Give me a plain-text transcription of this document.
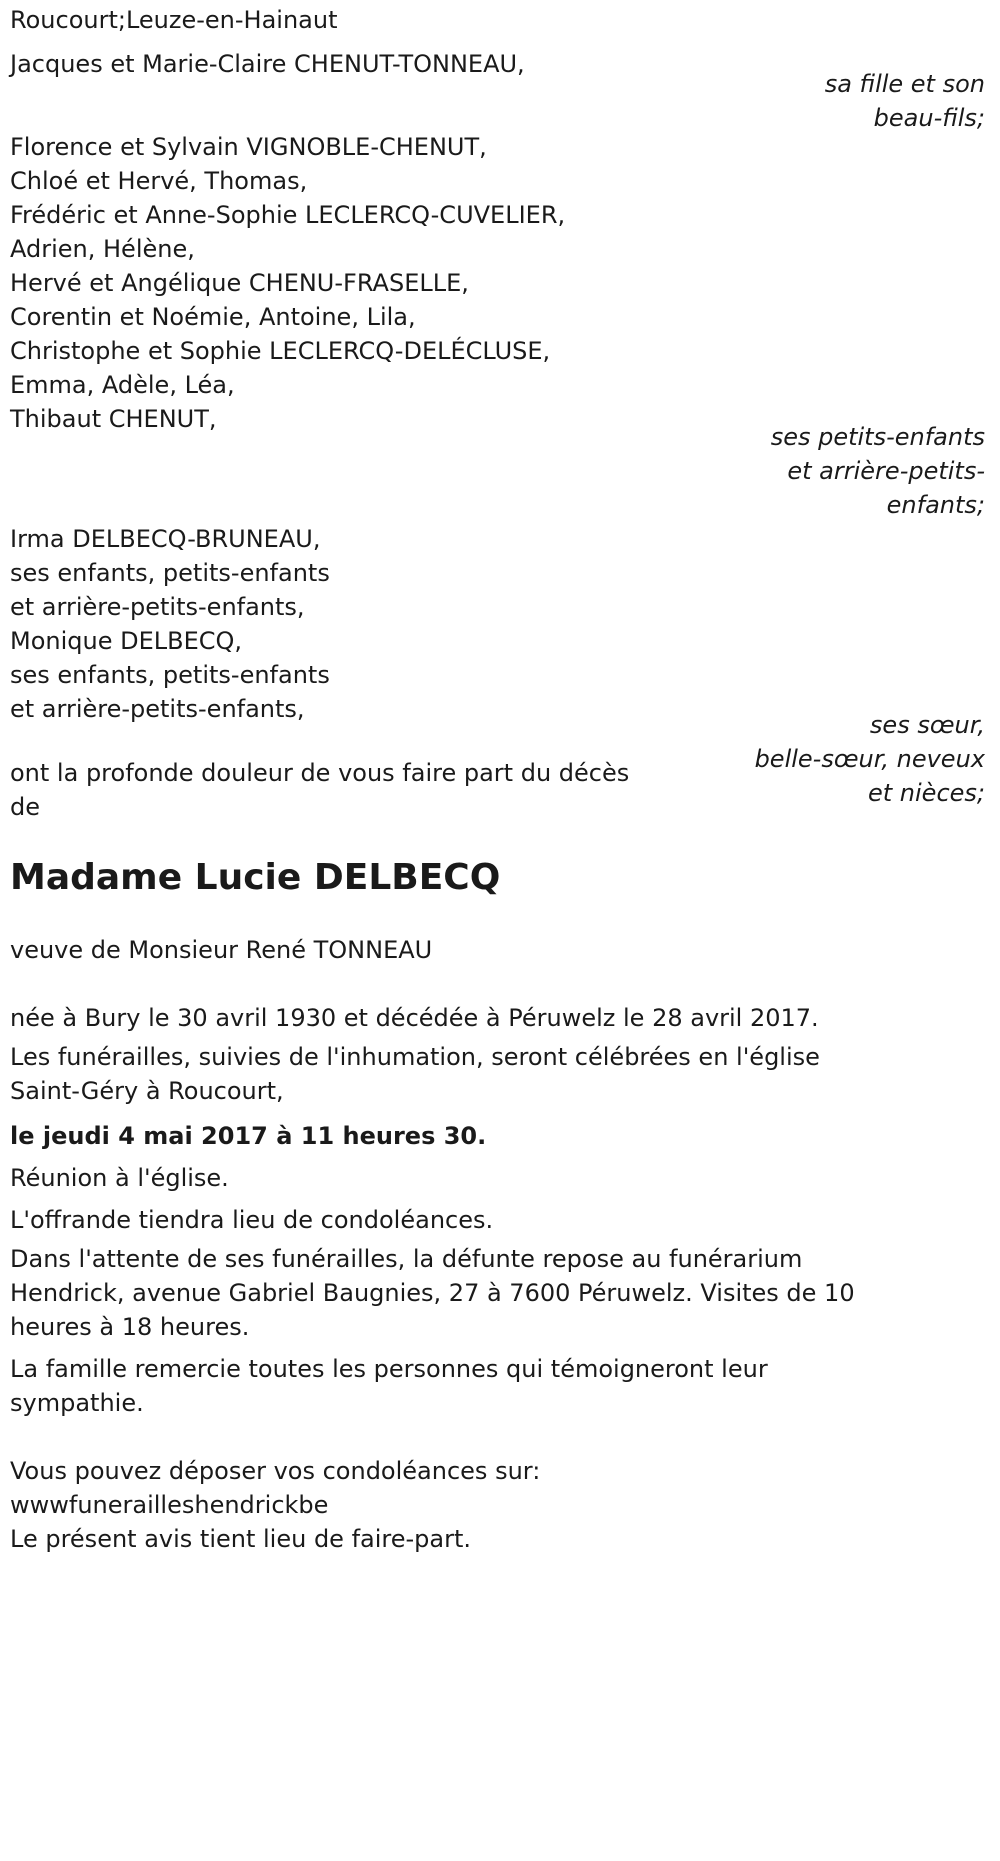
Roucourt;Leuze-en-Hainaut
Jacques et Marie-Claire CHENUT-TONNEAU,
sa fille et son
beau-fils;
Florence et Sylvain VIGNOBLE-CHENUT,
Chloé et Hervé, Thomas,
Frédéric et Anne-Sophie LECLERCQ-CUVELIER,
Adrien, Hélène,
Hervé et Angélique CHENU-FRASELLE,
Corentin et Noémie, Antoine, Lila,
Christophe et Sophie LECLERCQ-DELÉCLUSE,
Emma, Adèle, Léa,
Thibaut CHENUT,
ses petits-enfants
et arrière-petits-
enfants;
Irma DELBECQ-BRUNEAU,
ses enfants, petits-enfants
et arrière-petits-enfants,
Monique DELBECQ,
ses enfants, petits-enfants
et arrière-petits-enfants,
ses sœur,
belle-sœur, neveux
et nièces;
ont la profonde douleur de vous faire part du décès
de
Madame Lucie DELBECQ
veuve de Monsieur René TONNEAU
née à Bury le 30 avril 1930 et décédée à Péruwelz le 28 avril 2017.
Les funérailles, suivies de l'inhumation, seront célébrées en l'église
Saint-Géry à Roucourt,
le jeudi 4 mai 2017 à 11 heures 30.
Réunion à l'église.
L'offrande tiendra lieu de condoléances.
Dans l'attente de ses funérailles, la défunte repose au funérarium
Hendrick, avenue Gabriel Baugnies, 27 à 7600 Péruwelz. Visites de 10
heures à 18 heures.
La famille remercie toutes les personnes qui témoigneront leur
sympathie.
Vous pouvez déposer vos condoléances sur:
wwwfunerailleshendrickbe
Le présent avis tient lieu de faire-part.
